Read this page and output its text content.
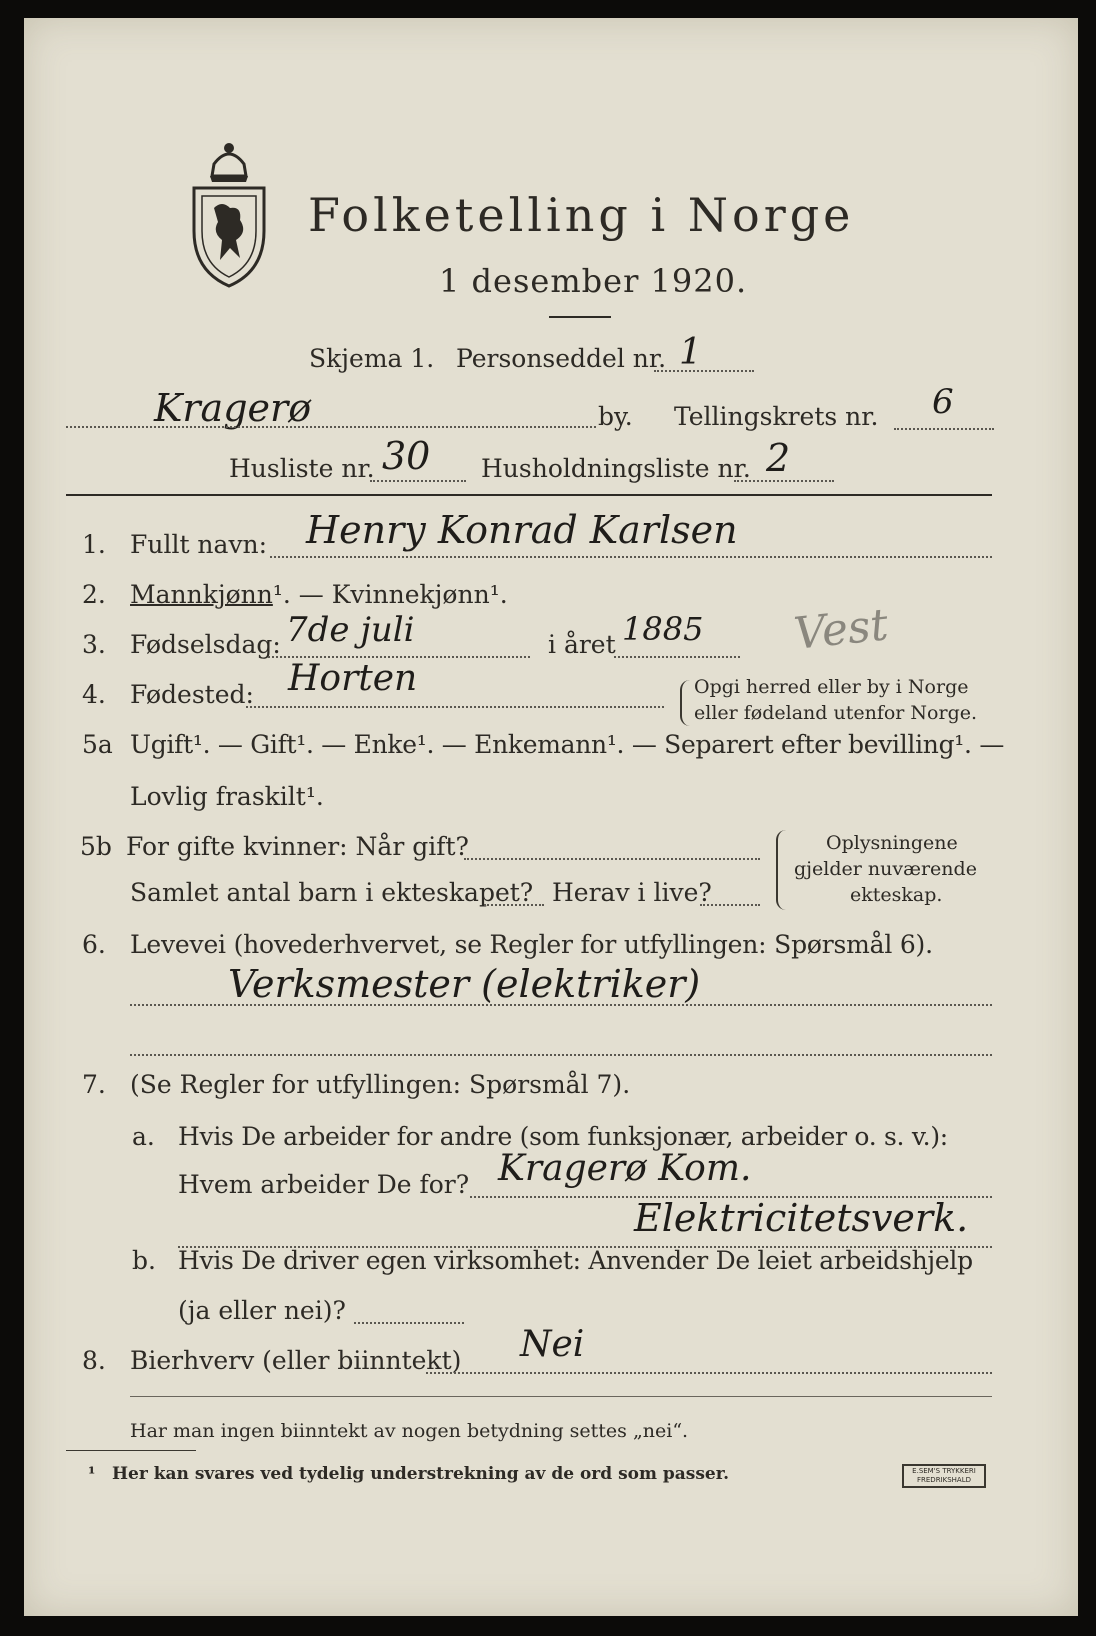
Folketelling i Norge
1 desember 1920.
Skjema 1. Personseddel nr. 1
Kragerø	by. Tellingskrets nr. 6
Husliste nr. 30 Husholdningsliste nr. 2
1. Fullt navn: Henry Konrad Karlsen
2. Mannkjønn¹. — Kvinnekjønn¹.
3. Fødselsdag: 7de juli	i året 1885 Vest
4. Fødested: Horten	Opgi herred eller by i Norge
eller fødeland utenfor Norge.
5a Ugift¹. — Gift¹. — Enke¹. — Enkemann¹. — Separert efter bevilling¹. —
Lovlig fraskilt¹.
5b For gifte kvinner: Når gift?
Samlet antal barn i ekteskapet? Herav i live?
Oplysningene
gjelder nuværende
ekteskap.
6. Levevei (hovederhvervet, se Regler for utfyllingen: Spørsmål 6).
Verksmester (elektriker)
7. (Se Regler for utfyllingen: Spørsmål 7).
a. Hvis De arbeider for andre (som funksjonær, arbeider o. s. v.):
Hvem arbeider De for? Kragerø Kom.
Elektricitetsverk.
b. Hvis De driver egen virksomhet: Anvender De leiet arbeidshjelp
(ja eller nei)?
8. Bierhverv (eller biinntekt) Nei
Har man ingen biinntekt av nogen betydning settes „nei“.
¹ Her kan svares ved tydelig understrekning av de ord som passer.	E.SEM'S TRYKKERI
FREDRIKSHALD
